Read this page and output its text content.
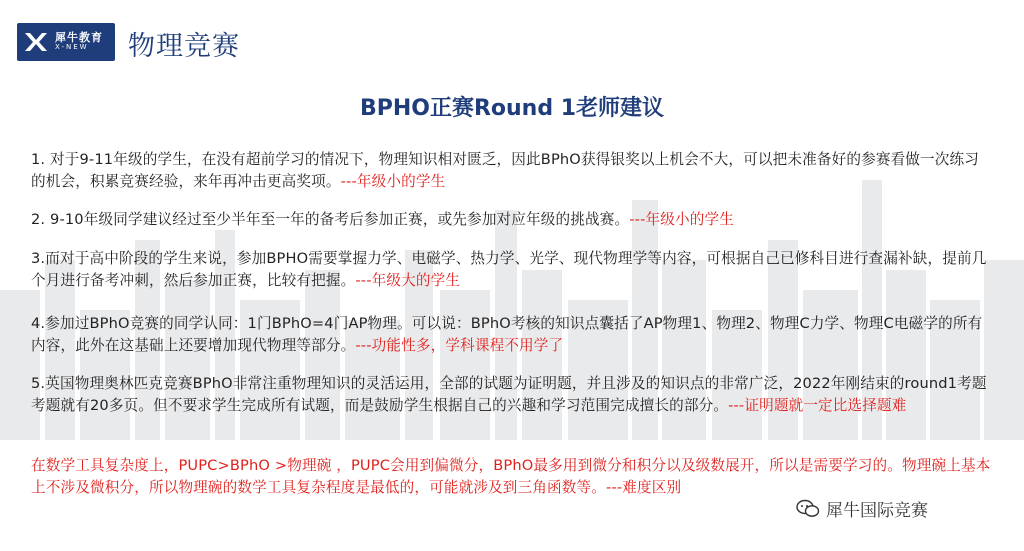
犀牛教育
X-NEW	物理竞赛
BPHO正赛Round 1老师建议
1. 对于9-11年级的学生，在没有超前学习的情况下，物理知识相对匮乏，因此BPhO获得银奖以上机会不大，可以把未准备好的参赛看做一次练习的机会，积累竞赛经验，来年再冲击更高奖项。---年级小的学生
2. 9-10年级同学建议经过至少半年至一年的备考后参加正赛，或先参加对应年级的挑战赛。---年级小的学生
3.而对于高中阶段的学生来说，参加BPHO需要掌握力学、电磁学、热力学、光学、现代物理学等内容，可根据自己已修科目进行查漏补缺，提前几个月进行备考冲刺，然后参加正赛，比较有把握。---年级大的学生
4.参加过BPhO竞赛的同学认同：1门BPhO=4门AP物理。可以说：BPhO考核的知识点囊括了AP物理1、物理2、物理C力学、物理C电磁学的所有内容，此外在这基础上还要增加现代物理等部分。---功能性多，学科课程不用学了
5.英国物理奥林匹克竞赛BPhO非常注重物理知识的灵活运用，全部的试题为证明题，并且涉及的知识点的非常广泛，2022年刚结束的round1考题考题就有20多页。但不要求学生完成所有试题，而是鼓励学生根据自己的兴趣和学习范围完成擅长的部分。---证明题就一定比选择题难
在数学工具复杂度上，PUPC>BPhO >物理碗 ，PUPC会用到偏微分，BPhO最多用到微分和积分以及级数展开，所以是需要学习的。物理碗上基本上不涉及微积分，所以物理碗的数学工具复杂程度是最低的，可能就涉及到三角函数等。---难度区别
犀牛国际竞赛
